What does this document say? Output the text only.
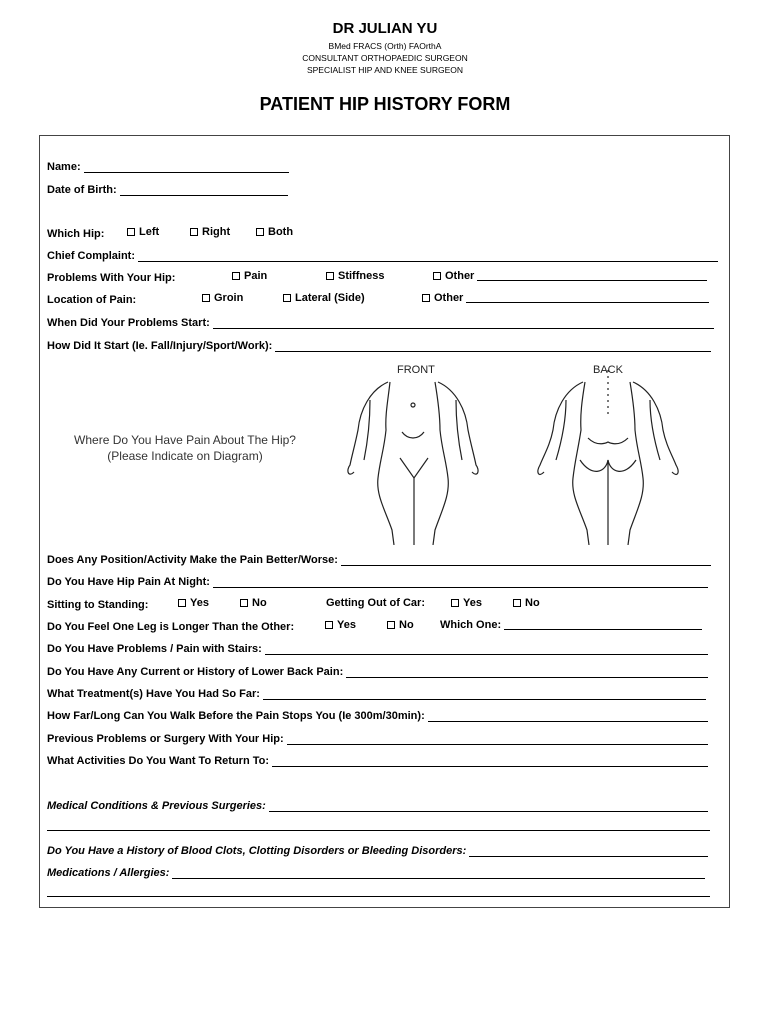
DR JULIAN YU
BMed FRACS (Orth) FAOrthA
CONSULTANT ORTHOPAEDIC SURGEON
SPECIALIST HIP AND KNEE SURGEON
PATIENT HIP HISTORY FORM
Name:
Date of Birth:
Which Hip:	Left	Right	Both
Chief Complaint:
Problems With Your Hip:	Pain	Stiffness	Other
Location of Pain:	Groin	Lateral (Side)	Other
When Did Your Problems Start:
How Did It Start (Ie. Fall/Injury/Sport/Work):
Where Do You Have Pain About The Hip?
(Please Indicate on Diagram)
FRONT	BACK
Does Any Position/Activity Make the Pain Better/Worse:
Do You Have Hip Pain At Night:
Sitting to Standing:	Yes	No	Getting Out of Car:	Yes	No
Do You Feel One Leg is Longer Than the Other:	Yes	No Which One:
Do You Have Problems / Pain with Stairs:
Do You Have Any Current or History of Lower Back Pain:
What Treatment(s) Have You Had So Far:
How Far/Long Can You Walk Before the Pain Stops You (Ie 300m/30min):
Previous Problems or Surgery With Your Hip:
What Activities Do You Want To Return To:
Medical Conditions & Previous Surgeries:
Do You Have a History of Blood Clots, Clotting Disorders or Bleeding Disorders:
Medications / Allergies:
